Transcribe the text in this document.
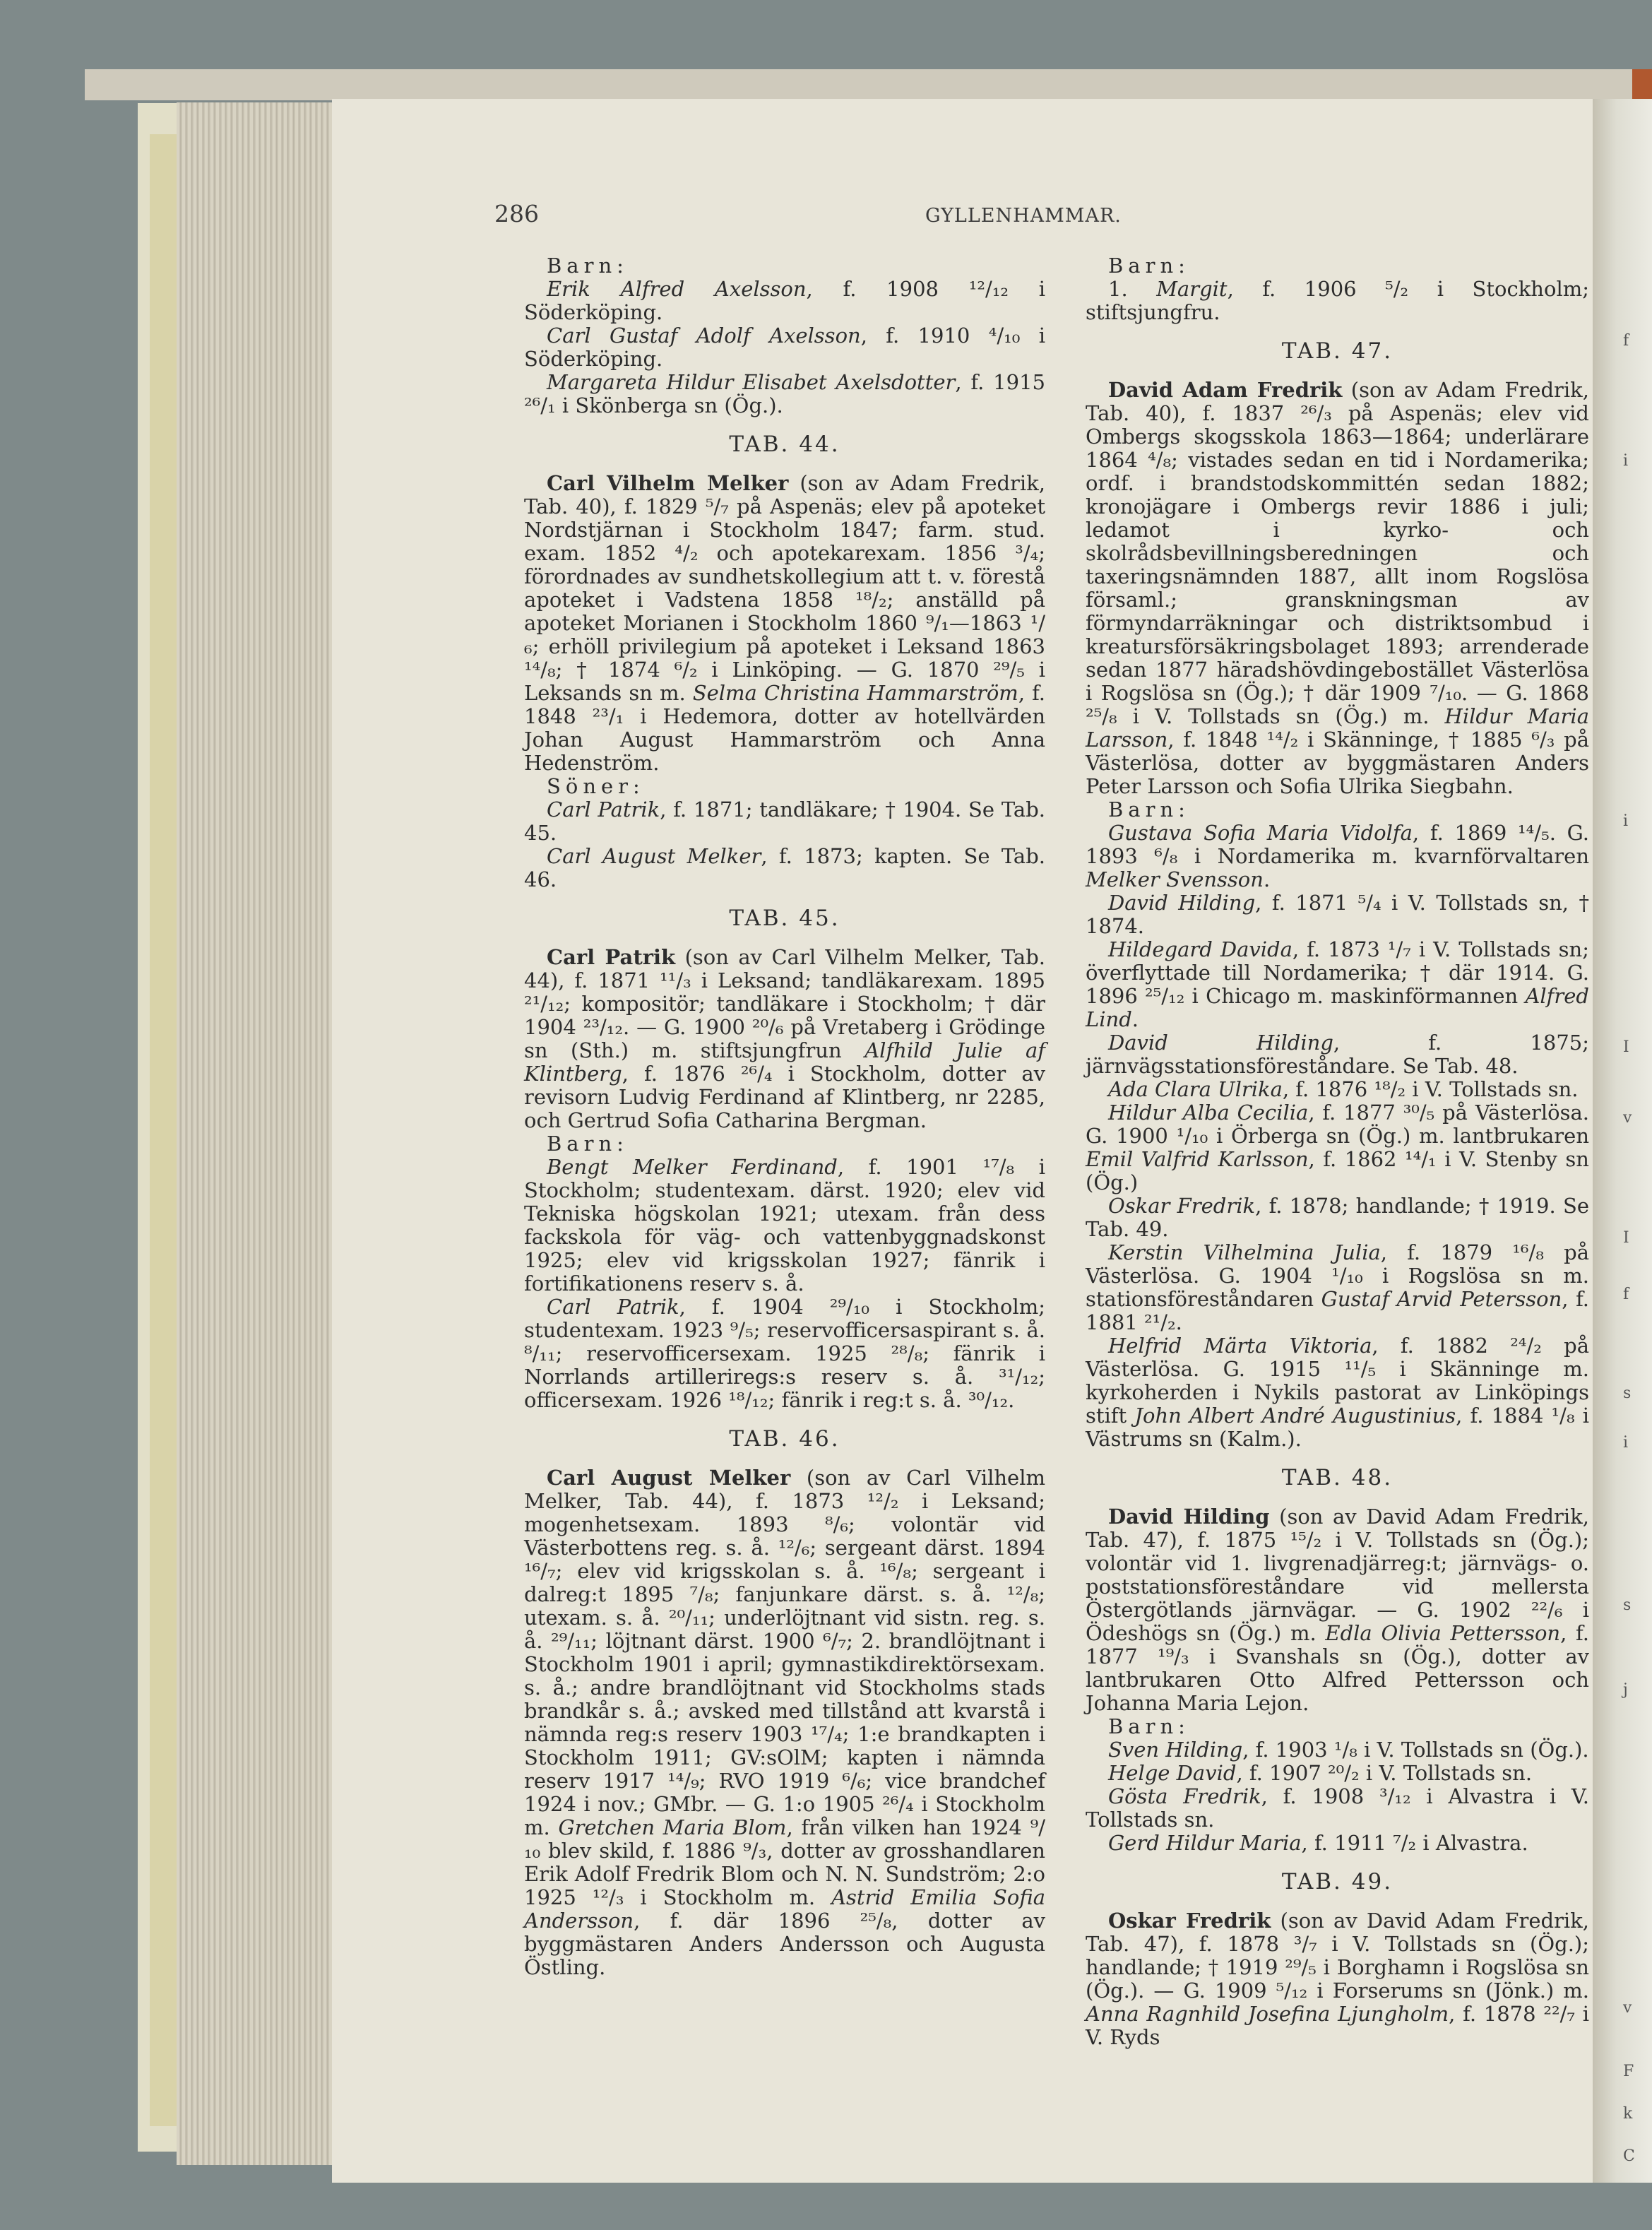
286	GYLLENHAMMAR.

Barn:

Erik Alfred Axelsson, f. 1908 ¹²/₁₂ i Söderköping.

Carl Gustaf Adolf Axelsson, f. 1910 ⁴/₁₀ i Söderköping.

Margareta Hildur Elisabet Axelsdotter, f. 1915 ²⁶/₁ i Skönberga sn (Ög.).

TAB. 44.

Carl Vilhelm Melker (son av Adam Fredrik, Tab. 40), f. 1829 ⁵/₇ på Aspenäs; elev på apoteket Nordstjärnan i Stockholm 1847; farm. stud. exam. 1852 ⁴/₂ och apotekarexam. 1856 ³/₄; förordnades av sundhetskollegium att t. v. förestå apoteket i Vadstena 1858 ¹⁸/₂; anställd på apoteket Morianen i Stockholm 1860 ⁹/₁—1863 ¹/₆; erhöll privilegium på apoteket i Leksand 1863 ¹⁴/₈; † 1874 ⁶/₂ i Linköping. — G. 1870 ²⁹/₅ i Leksands sn m. Selma Christina Hammarström, f. 1848 ²³/₁ i Hedemora, dotter av hotellvärden Johan August Hammarström och Anna Hedenström.

Söner:

Carl Patrik, f. 1871; tandläkare; † 1904. Se Tab. 45.

Carl August Melker, f. 1873; kapten. Se Tab. 46.

TAB. 45.

Carl Patrik (son av Carl Vilhelm Melker, Tab. 44), f. 1871 ¹¹/₃ i Leksand; tandläkarexam. 1895 ²¹/₁₂; kompositör; tandläkare i Stockholm; † där 1904 ²³/₁₂. — G. 1900 ²⁰/₆ på Vretaberg i Grödinge sn (Sth.) m. stiftsjungfrun Alfhild Julie af Klintberg, f. 1876 ²⁶/₄ i Stockholm, dotter av revisorn Ludvig Ferdinand af Klintberg, nr 2285, och Gertrud Sofia Catharina Bergman.

Barn:

Bengt Melker Ferdinand, f. 1901 ¹⁷/₈ i Stockholm; studentexam. därst. 1920; elev vid Tekniska högskolan 1921; utexam. från dess fackskola för väg- och vattenbyggnadskonst 1925; elev vid krigsskolan 1927; fänrik i fortifikationens reserv s. å.

Carl Patrik, f. 1904 ²⁹/₁₀ i Stockholm; studentexam. 1923 ⁹/₅; reservofficersaspirant s. å. ⁸/₁₁; reservofficersexam. 1925 ²⁸/₈; fänrik i Norrlands artilleriregs:s reserv s. å. ³¹/₁₂; officersexam. 1926 ¹⁸/₁₂; fänrik i reg:t s. å. ³⁰/₁₂.

TAB. 46.

Carl August Melker (son av Carl Vilhelm Melker, Tab. 44), f. 1873 ¹²/₂ i Leksand; mogenhetsexam. 1893 ⁸/₆; volontär vid Västerbottens reg. s. å. ¹²/₆; sergeant därst. 1894 ¹⁶/₇; elev vid krigsskolan s. å. ¹⁶/₈; sergeant i dalreg:t 1895 ⁷/₈; fanjunkare därst. s. å. ¹²/₈; utexam. s. å. ²⁰/₁₁; underlöjtnant vid sistn. reg. s. å. ²⁹/₁₁; löjtnant därst. 1900 ⁶/₇; 2. brandlöjtnant i Stockholm 1901 i april; gymnastikdirektörsexam. s. å.; andre brandlöjtnant vid Stockholms stads brandkår s. å.; avsked med tillstånd att kvarstå i nämnda reg:s reserv 1903 ¹⁷/₄; 1:e brandkapten i Stockholm 1911; GV:sOlM; kapten i nämnda reserv 1917 ¹⁴/₉; RVO 1919 ⁶/₆; vice brandchef 1924 i nov.; GMbr. — G. 1:o 1905 ²⁶/₄ i Stockholm m. Gretchen Maria Blom, från vilken han 1924 ⁹/₁₀ blev skild, f. 1886 ⁹/₃, dotter av grosshandlaren Erik Adolf Fredrik Blom och N. N. Sundström; 2:o 1925 ¹²/₃ i Stockholm m. Astrid Emilia Sofia Andersson, f. där 1896 ²⁵/₈, dotter av byggmästaren Anders Andersson och Augusta Östling.

Barn:

1. Margit, f. 1906 ⁵/₂ i Stockholm; stiftsjungfru.

TAB. 47.

David Adam Fredrik (son av Adam Fredrik, Tab. 40), f. 1837 ²⁶/₃ på Aspenäs; elev vid Ombergs skogsskola 1863—1864; underlärare 1864 ⁴/₈; vistades sedan en tid i Nordamerika; ordf. i brandstodskommittén sedan 1882; kronojägare i Ombergs revir 1886 i juli; ledamot i kyrko- och skolrådsbevillningsberedningen och taxeringsnämnden 1887, allt inom Rogslösa församl.; granskningsman av förmyndarräkningar och distriktsombud i kreatursförsäkringsbolaget 1893; arrenderade sedan 1877 häradshövdingebostället Västerlösa i Rogslösa sn (Ög.); † där 1909 ⁷/₁₀. — G. 1868 ²⁵/₈ i V. Tollstads sn (Ög.) m. Hildur Maria Larsson, f. 1848 ¹⁴/₂ i Skänninge, † 1885 ⁶/₃ på Västerlösa, dotter av byggmästaren Anders Peter Larsson och Sofia Ulrika Siegbahn.

Barn:

Gustava Sofia Maria Vidolfa, f. 1869 ¹⁴/₅. G. 1893 ⁶/₈ i Nordamerika m. kvarnförvaltaren Melker Svensson.

David Hilding, f. 1871 ⁵/₄ i V. Tollstads sn, † 1874.

Hildegard Davida, f. 1873 ¹/₇ i V. Tollstads sn; överflyttade till Nordamerika; † där 1914. G. 1896 ²⁵/₁₂ i Chicago m. maskinförmannen Alfred Lind.

David Hilding, f. 1875; järnvägsstationsföreståndare. Se Tab. 48.

Ada Clara Ulrika, f. 1876 ¹⁸/₂ i V. Tollstads sn.

Hildur Alba Cecilia, f. 1877 ³⁰/₅ på Västerlösa. G. 1900 ¹/₁₀ i Örberga sn (Ög.) m. lantbrukaren Emil Valfrid Karlsson, f. 1862 ¹⁴/₁ i V. Stenby sn (Ög.)

Oskar Fredrik, f. 1878; handlande; † 1919. Se Tab. 49.

Kerstin Vilhelmina Julia, f. 1879 ¹⁶/₈ på Västerlösa. G. 1904 ¹/₁₀ i Rogslösa sn m. stationsföreståndaren Gustaf Arvid Petersson, f. 1881 ²¹/₂.

Helfrid Märta Viktoria, f. 1882 ²⁴/₂ på Västerlösa. G. 1915 ¹¹/₅ i Skänninge m. kyrkoherden i Nykils pastorat av Linköpings stift John Albert André Augustinius, f. 1884 ¹/₈ i Västrums sn (Kalm.).

TAB. 48.

David Hilding (son av David Adam Fredrik, Tab. 47), f. 1875 ¹⁵/₂ i V. Tollstads sn (Ög.); volontär vid 1. livgrenadjärreg:t; järnvägs- o. poststationsföreståndare vid mellersta Östergötlands järnvägar. — G. 1902 ²²/₆ i Ödeshögs sn (Ög.) m. Edla Olivia Pettersson, f. 1877 ¹⁹/₃ i Svanshals sn (Ög.), dotter av lantbrukaren Otto Alfred Pettersson och Johanna Maria Lejon.

Barn:

Sven Hilding, f. 1903 ¹/₈ i V. Tollstads sn (Ög.).

Helge David, f. 1907 ²⁰/₂ i V. Tollstads sn.

Gösta Fredrik, f. 1908 ³/₁₂ i Alvastra i V. Tollstads sn.

Gerd Hildur Maria, f. 1911 ⁷/₂ i Alvastra.

TAB. 49.

Oskar Fredrik (son av David Adam Fredrik, Tab. 47), f. 1878 ³/₇ i V. Tollstads sn (Ög.); handlande; † 1919 ²⁹/₅ i Borghamn i Rogslösa sn (Ög.). — G. 1909 ⁵/₁₂ i Forserums sn (Jönk.) m. Anna Ragnhild Josefina Ljungholm, f. 1878 ²²/₇ i V. Ryds

f
i
i
I
v
I
f
s
i
s
j
v
F
k
C
